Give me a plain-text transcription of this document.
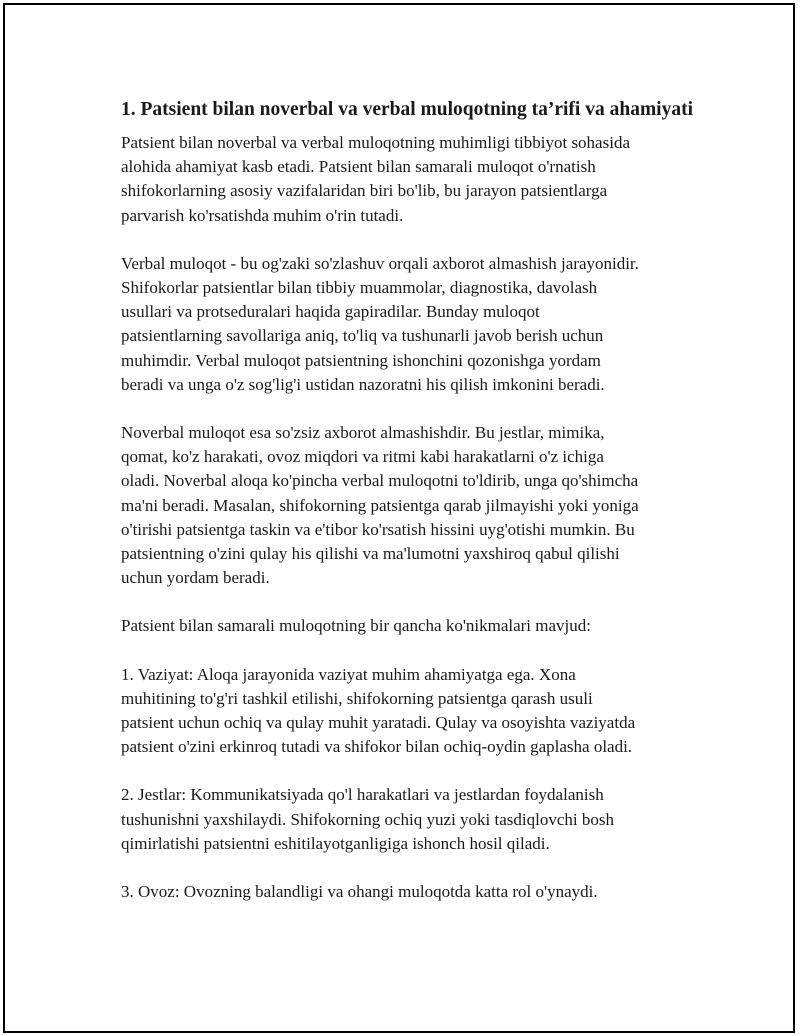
1. Patsient bilan noverbal va verbal muloqotning ta’rifi va ahamiyati

Patsient bilan noverbal va verbal muloqotning muhimligi tibbiyot sohasida
alohida ahamiyat kasb etadi. Patsient bilan samarali muloqot o'rnatish
shifokorlarning asosiy vazifalaridan biri bo'lib, bu jarayon patsientlarga
parvarish ko'rsatishda muhim o'rin tutadi.

Verbal muloqot - bu og'zaki so'zlashuv orqali axborot almashish jarayonidir.
Shifokorlar patsientlar bilan tibbiy muammolar, diagnostika, davolash
usullari va protseduralari haqida gapiradilar. Bunday muloqot
patsientlarning savollariga aniq, to'liq va tushunarli javob berish uchun
muhimdir. Verbal muloqot patsientning ishonchini qozonishga yordam
beradi va unga o'z sog'lig'i ustidan nazoratni his qilish imkonini beradi.

Noverbal muloqot esa so'zsiz axborot almashishdir. Bu jestlar, mimika,
qomat, ko'z harakati, ovoz miqdori va ritmi kabi harakatlarni o'z ichiga
oladi. Noverbal aloqa ko'pincha verbal muloqotni to'ldirib, unga qo'shimcha
ma'ni beradi. Masalan, shifokorning patsientga qarab jilmayishi yoki yoniga
o'tirishi patsientga taskin va e'tibor ko'rsatish hissini uyg'otishi mumkin. Bu
patsientning o'zini qulay his qilishi va ma'lumotni yaxshiroq qabul qilishi
uchun yordam beradi.

Patsient bilan samarali muloqotning bir qancha ko'nikmalari mavjud:

1. Vaziyat: Aloqa jarayonida vaziyat muhim ahamiyatga ega. Xona
muhitining to'g'ri tashkil etilishi, shifokorning patsientga qarash usuli
patsient uchun ochiq va qulay muhit yaratadi. Qulay va osoyishta vaziyatda
patsient o'zini erkinroq tutadi va shifokor bilan ochiq-oydin gaplasha oladi.

2. Jestlar: Kommunikatsiyada qo'l harakatlari va jestlardan foydalanish
tushunishni yaxshilaydi. Shifokorning ochiq yuzi yoki tasdiqlovchi bosh
qimirlatishi patsientni eshitilayotganligiga ishonch hosil qiladi.

3. Ovoz: Ovozning balandligi va ohangi muloqotda katta rol o'ynaydi.
